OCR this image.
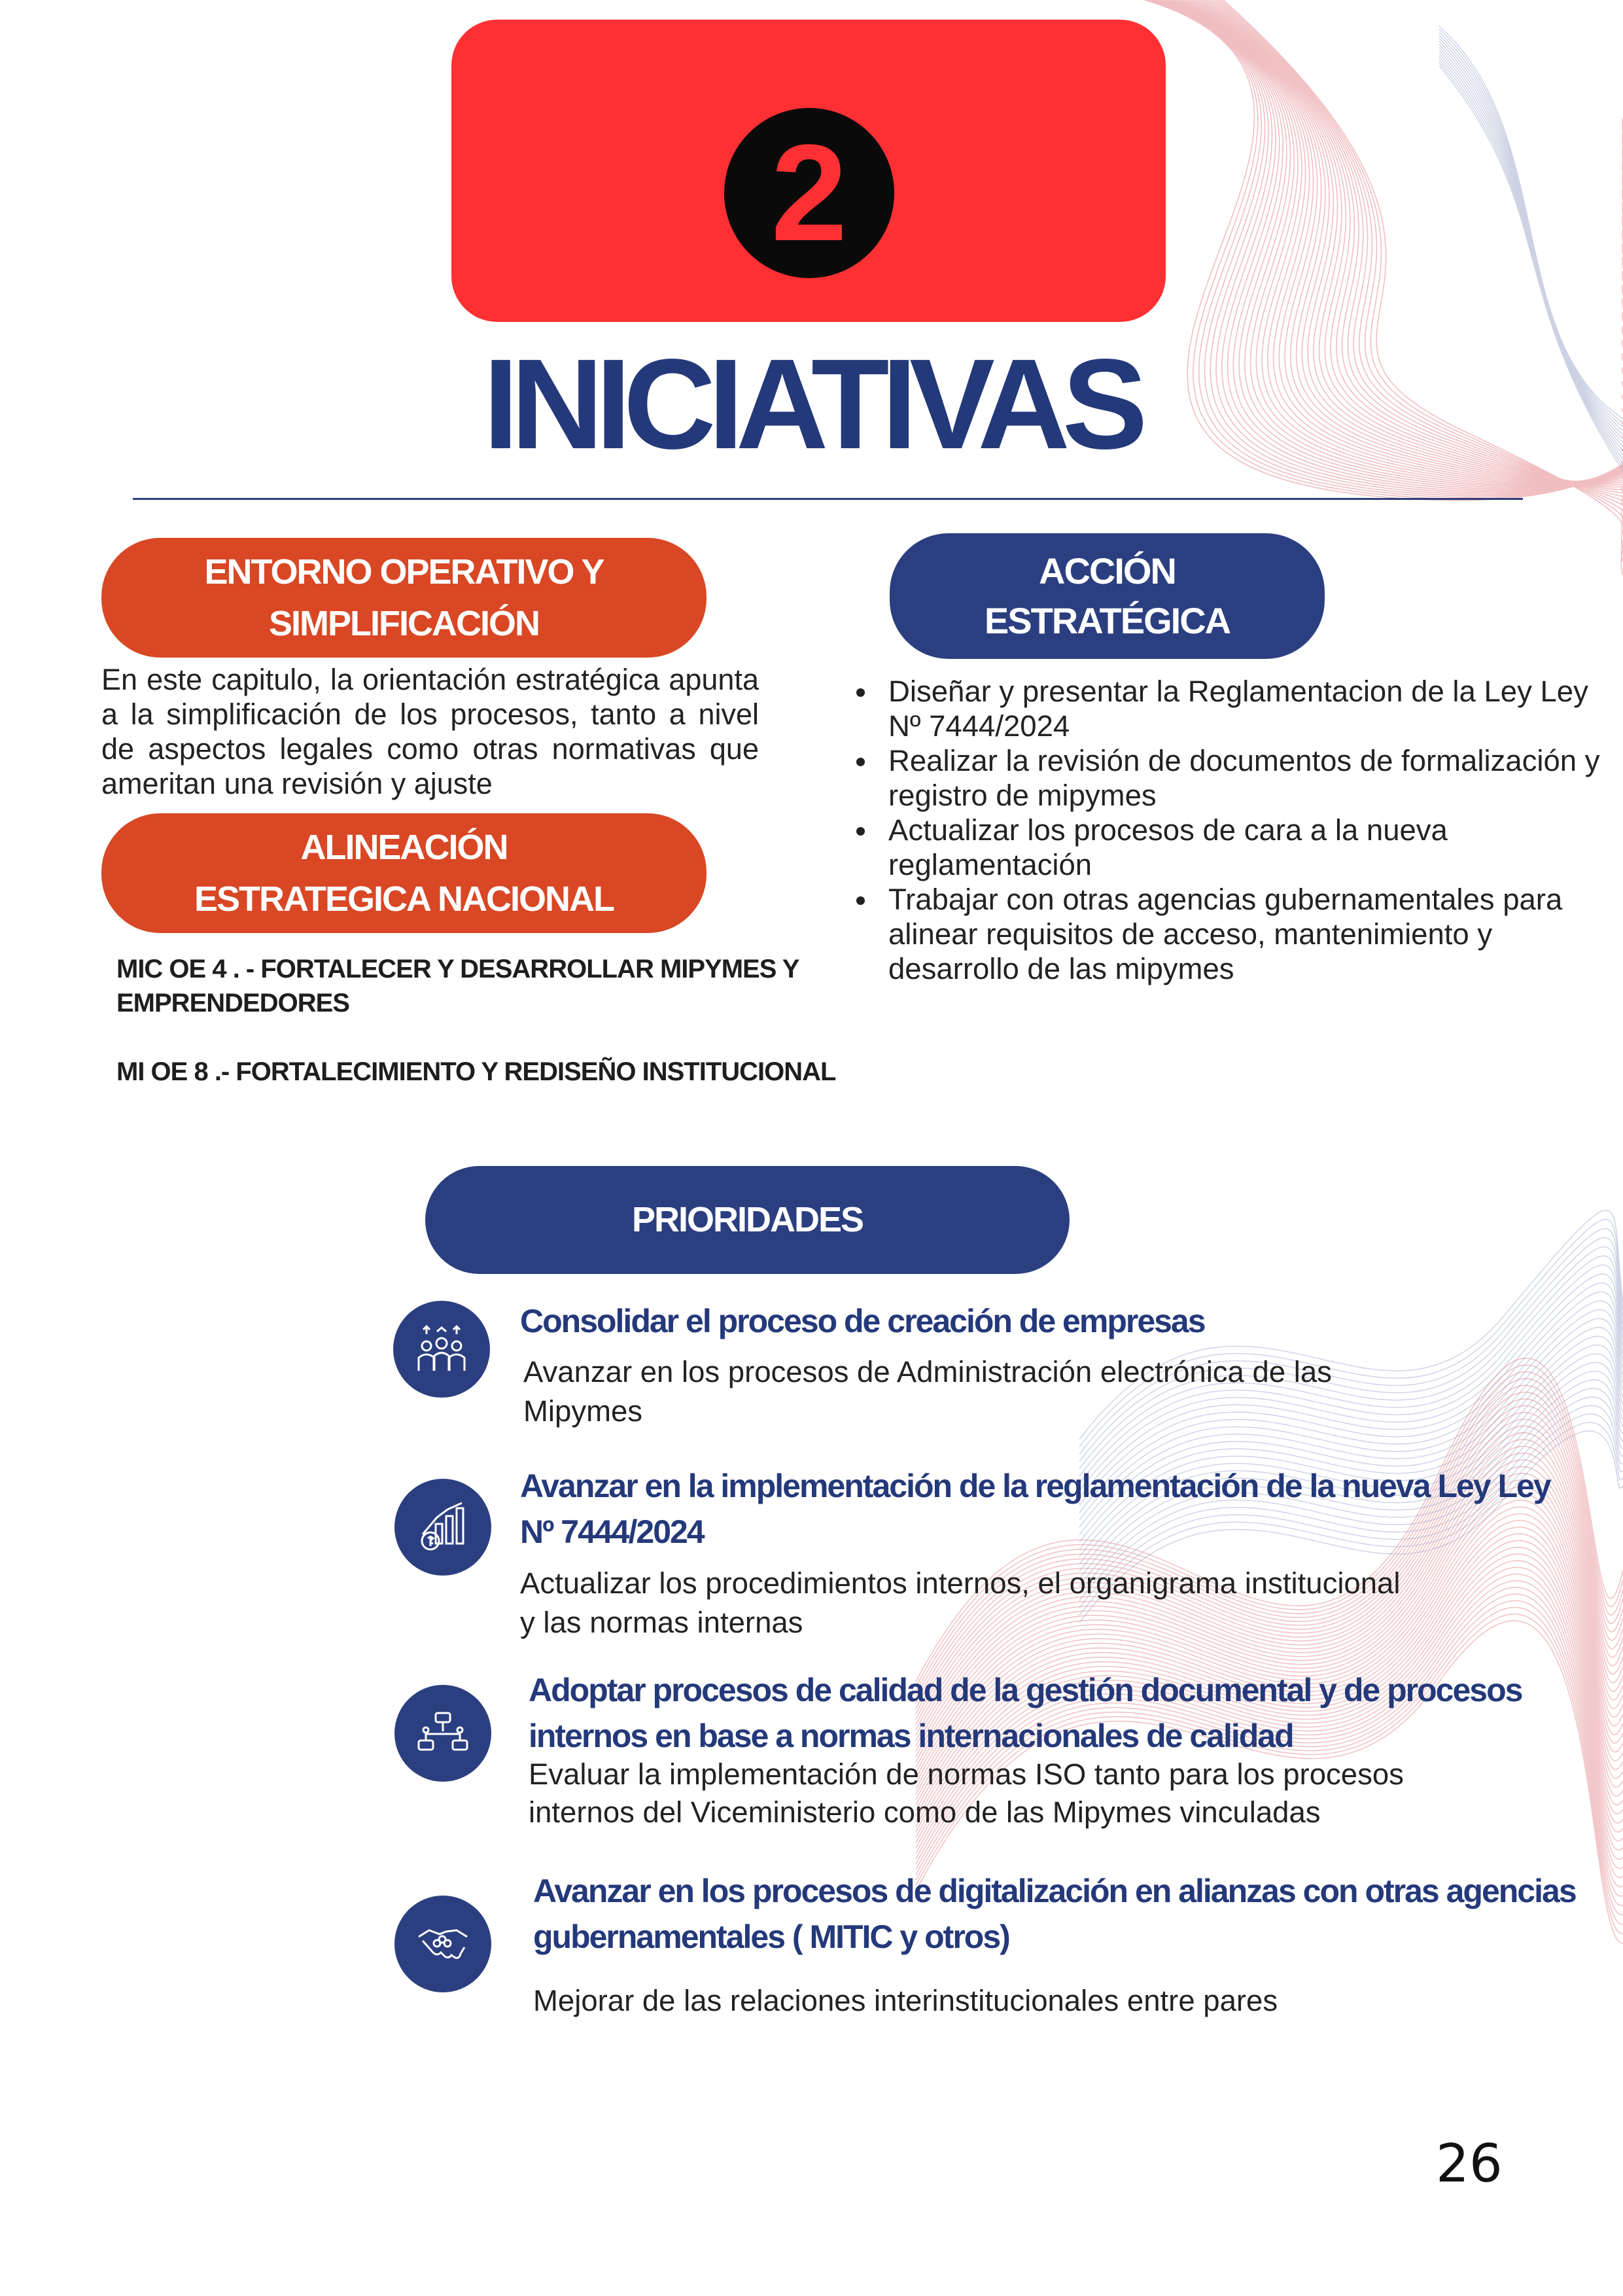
2
INICIATIVAS
ENTORNO OPERATIVO Y
SIMPLIFICACIÓN
En este capitulo, la orientación estratégica apunta a la simplificación de los procesos, tanto a nivel de aspectos legales como otras normativas que ameritan una revisión y ajuste
ALINEACIÓN
ESTRATEGICA NACIONAL
MIC OE 4 . - FORTALECER Y DESARROLLAR MIPYMES Y EMPRENDEDORES
MI OE 8 .- FORTALECIMIENTO Y REDISEÑO INSTITUCIONAL
ACCIÓN
ESTRATÉGICA
Diseñar y presentar la Reglamentacion de la Ley Ley Nº 7444/2024
Realizar la revisión de documentos de formalización y registro de mipymes
Actualizar los procesos de cara a la nueva reglamentación
Trabajar con otras agencias gubernamentales para alinear requisitos de acceso, mantenimiento y desarrollo de las mipymes
PRIORIDADES
Consolidar el proceso de creación de empresas
Avanzar en los procesos de Administración electrónica de las Mipymes
Avanzar en la implementación de la reglamentación de la nueva Ley Ley Nº 7444/2024
Actualizar los procedimientos internos, el organigrama institucional y las normas internas
Adoptar procesos de calidad de la gestión documental y de procesos internos en base a normas internacionales de calidad
Evaluar la implementación de normas ISO tanto para los procesos internos del Viceministerio como de las Mipymes vinculadas
Avanzar en los procesos de digitalización en alianzas con otras agencias gubernamentales ( MITIC y otros)
Mejorar de las relaciones interinstitucionales entre pares
26
